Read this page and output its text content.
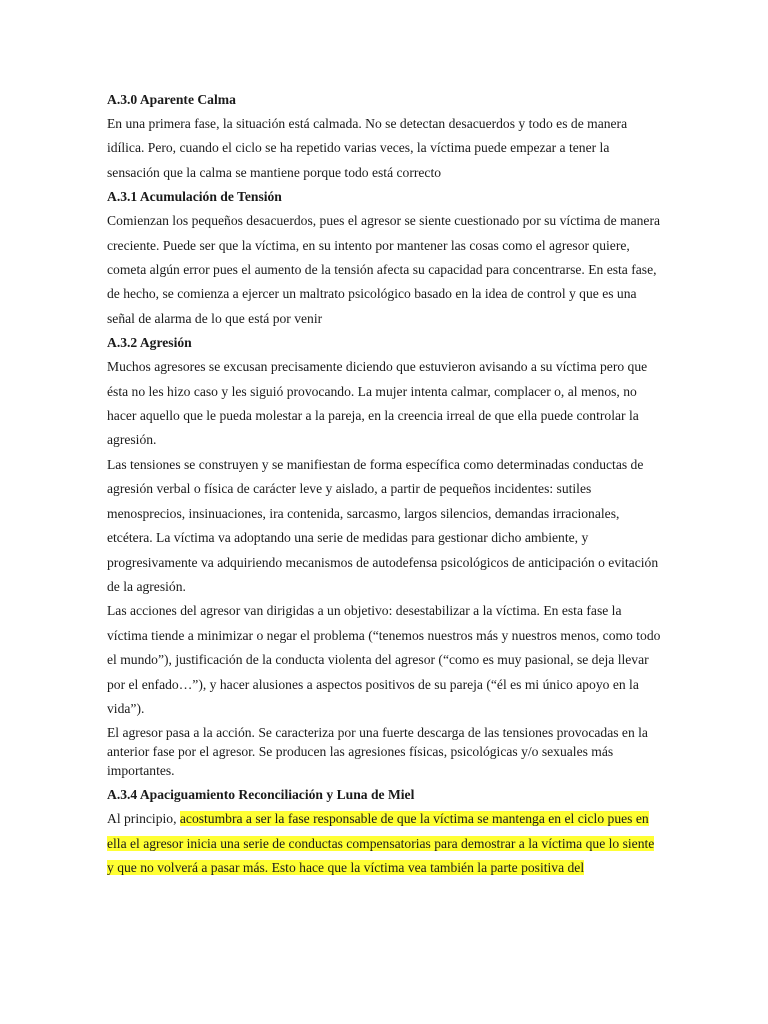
A.3.0 Aparente Calma

En una primera fase, la situación está calmada. No se detectan desacuerdos y todo es de manera idílica. Pero, cuando el ciclo se ha repetido varias veces, la víctima puede empezar a tener la sensación que la calma se mantiene porque todo está correcto

A.3.1 Acumulación de Tensión

Comienzan los pequeños desacuerdos, pues el agresor se siente cuestionado por su víctima de manera creciente. Puede ser que la víctima, en su intento por mantener las cosas como el agresor quiere, cometa algún error pues el aumento de la tensión afecta su capacidad para concentrarse. En esta fase, de hecho, se comienza a ejercer un maltrato psicológico basado en la idea de control y que es una señal de alarma de lo que está por venir

A.3.2 Agresión

Muchos agresores se excusan precisamente diciendo que estuvieron avisando a su víctima pero que ésta no les hizo caso y les siguió provocando. La mujer intenta calmar, complacer o, al menos, no hacer aquello que le pueda molestar a la pareja, en la creencia irreal de que ella puede controlar la agresión.

Las tensiones se construyen y se manifiestan de forma específica como determinadas conductas de agresión verbal o física de carácter leve y aislado, a partir de pequeños incidentes: sutiles menosprecios, insinuaciones, ira contenida, sarcasmo, largos silencios, demandas irracionales, etcétera. La víctima va adoptando una serie de medidas para gestionar dicho ambiente, y progresivamente va adquiriendo mecanismos de autodefensa psicológicos de anticipación o evitación de la agresión.

Las acciones del agresor van dirigidas a un objetivo: desestabilizar a la víctima. En esta fase la víctima tiende a minimizar o negar el problema (“tenemos nuestros más y nuestros menos, como todo el mundo”), justificación de la conducta violenta del agresor (“como es muy pasional, se deja llevar por el enfado…”), y hacer alusiones a aspectos positivos de su pareja (“él es mi único apoyo en la vida”).

El agresor pasa a la acción. Se caracteriza por una fuerte descarga de las tensiones provocadas en la anterior fase por el agresor. Se producen las agresiones físicas, psicológicas y/o sexuales más importantes.

A.3.4 Apaciguamiento Reconciliación y Luna de Miel

Al principio, acostumbra a ser la fase responsable de que la víctima se mantenga en el ciclo pues en ella el agresor inicia una serie de conductas compensatorias para demostrar a la víctima que lo siente y que no volverá a pasar más. Esto hace que la víctima vea también la parte positiva del
